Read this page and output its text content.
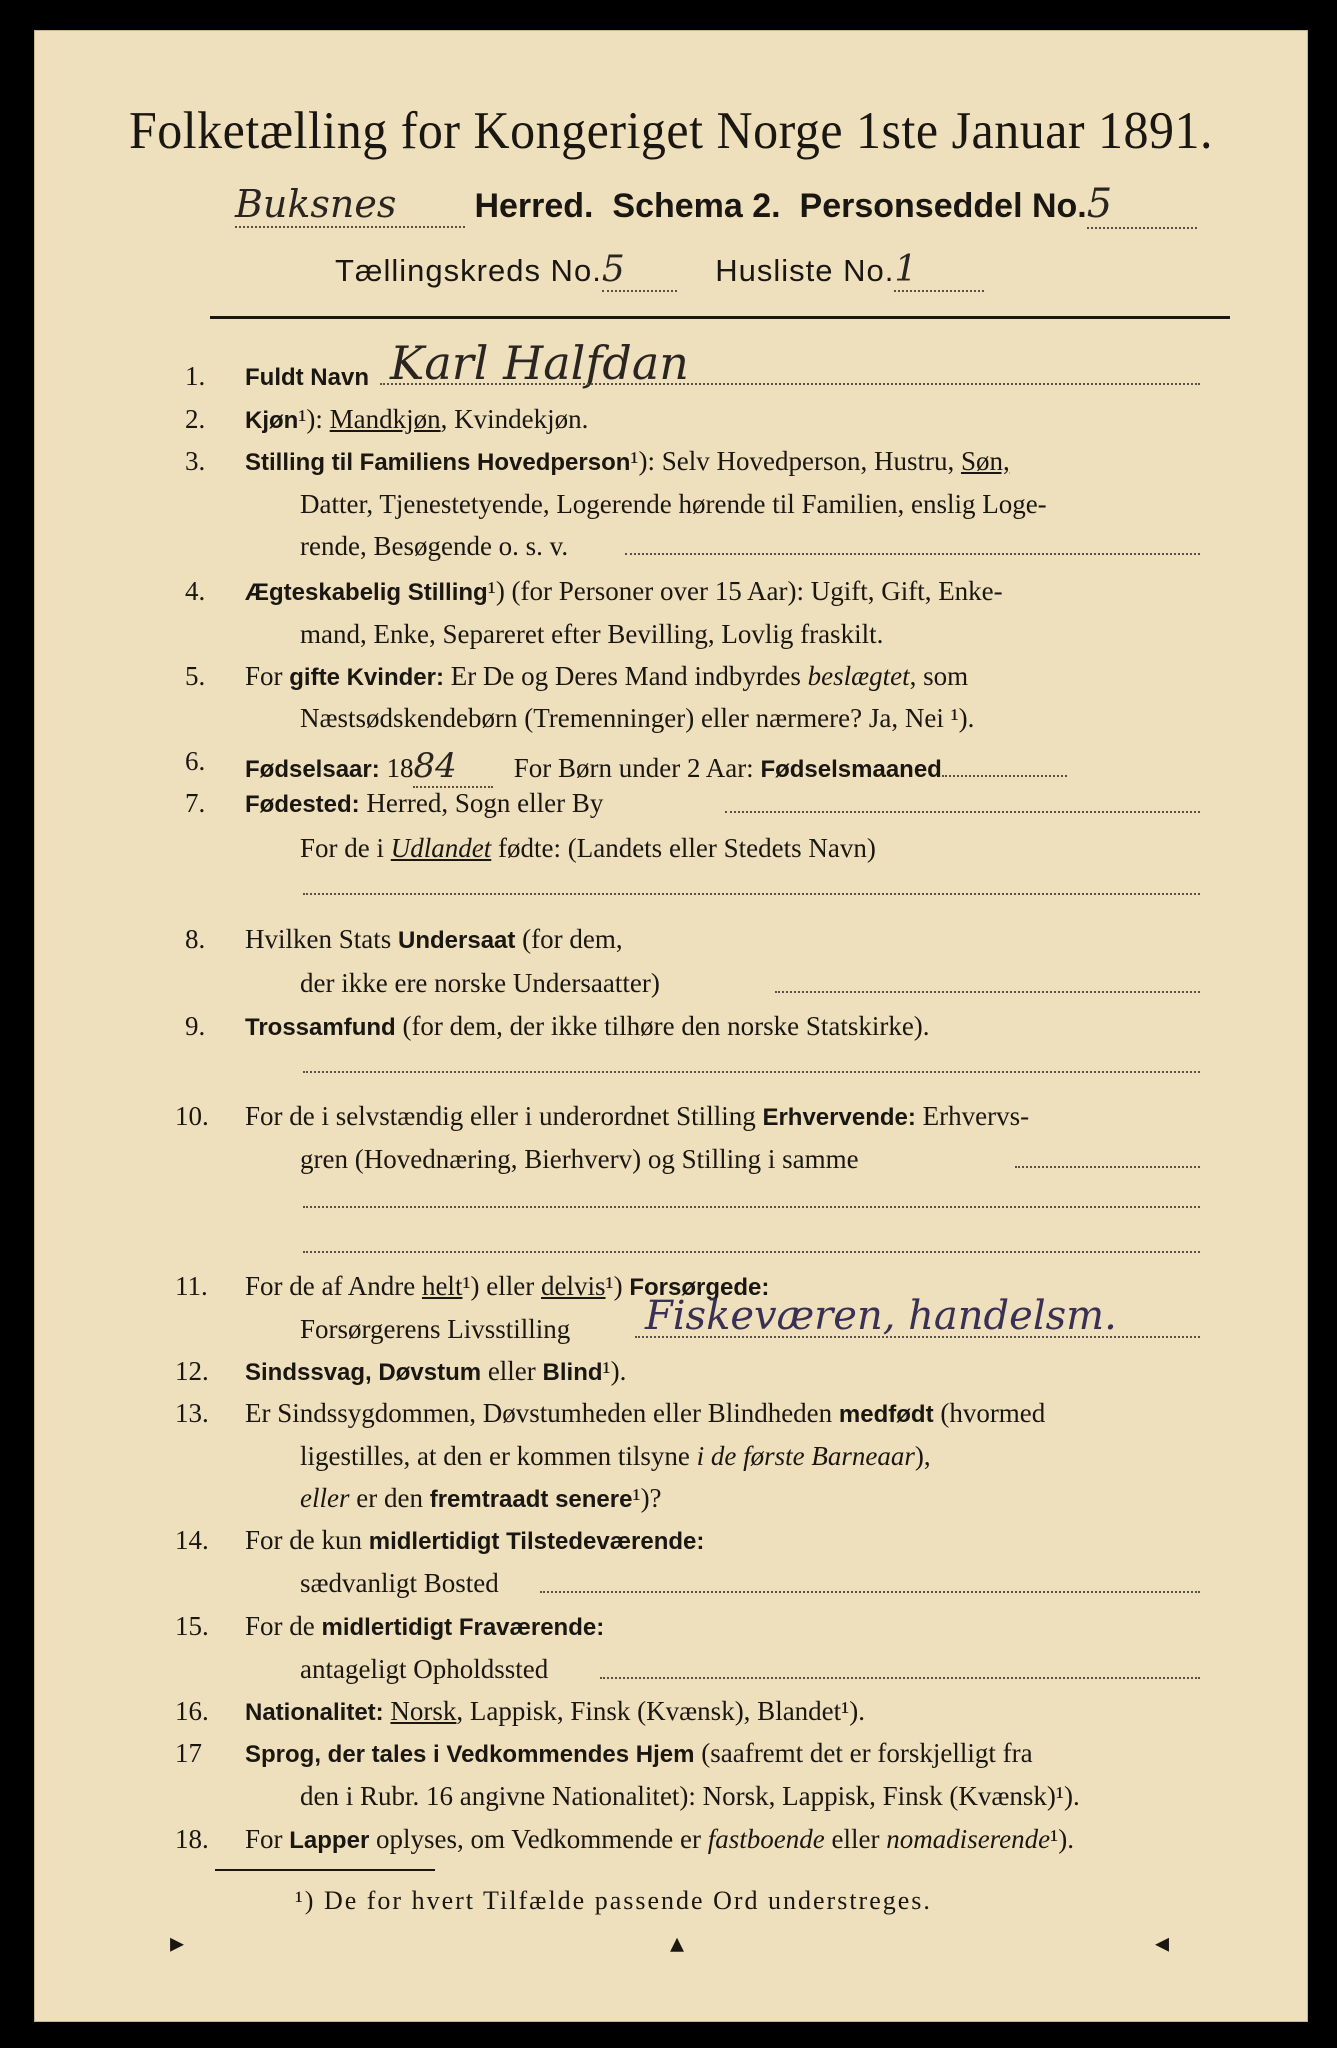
Folketælling for Kongeriget Norge 1ste Januar 1891.
Buksnes Herred. Schema 2. Personseddel No.5
Tællingskreds No.5	Husliste No.1
1.	Fuldt Navn Karl Halfdan
2.	Kjøn¹): Mandkjøn, Kvindekjøn.
3.	Stilling til Familiens Hovedperson¹): Selv Hovedperson, Hustru, Søn,
Datter, Tjenestetyende, Logerende hørende til Familien, enslig Loge-
rende, Besøgende o. s. v.
4.	Ægteskabelig Stilling¹) (for Personer over 15 Aar): Ugift, Gift, Enke-
mand, Enke, Separeret efter Bevilling, Lovlig fraskilt.
5.	For gifte Kvinder: Er De og Deres Mand indbyrdes beslægtet, som
Næstsødskendebørn (Tremenninger) eller nærmere? Ja, Nei ¹).
6.	Fødselsaar: 1884 For Børn under 2 Aar: Fødselsmaaned
7.	Fødested: Herred, Sogn eller By
For de i Udlandet fødte: (Landets eller Stedets Navn)
8.	Hvilken Stats Undersaat (for dem,
der ikke ere norske Undersaatter)
9.	Trossamfund (for dem, der ikke tilhøre den norske Statskirke).
10.	For de i selvstændig eller i underordnet Stilling Erhvervende: Erhvervs-
gren (Hovednæring, Bierhverv) og Stilling i samme
11.	For de af Andre helt¹) eller delvis¹) Forsørgede:
Forsørgerens Livsstilling Fiskeværen, handelsm.
12.	Sindssvag, Døvstum eller Blind¹).
13.	Er Sindssygdommen, Døvstumheden eller Blindheden medfødt (hvormed
ligestilles, at den er kommen tilsyne i de første Barneaar),
eller er den fremtraadt senere¹)?
14.	For de kun midlertidigt Tilstedeværende:
sædvanligt Bosted
15.	For de midlertidigt Fraværende:
antageligt Opholdssted
16.	Nationalitet: Norsk, Lappisk, Finsk (Kvænsk), Blandet¹).
17	Sprog, der tales i Vedkommendes Hjem (saafremt det er forskjelligt fra
den i Rubr. 16 angivne Nationalitet): Norsk, Lappisk, Finsk (Kvænsk)¹).
18.	For Lapper oplyses, om Vedkommende er fastboende eller nomadiserende¹).
¹) De for hvert Tilfælde passende Ord understreges.
▸	▴	◂
